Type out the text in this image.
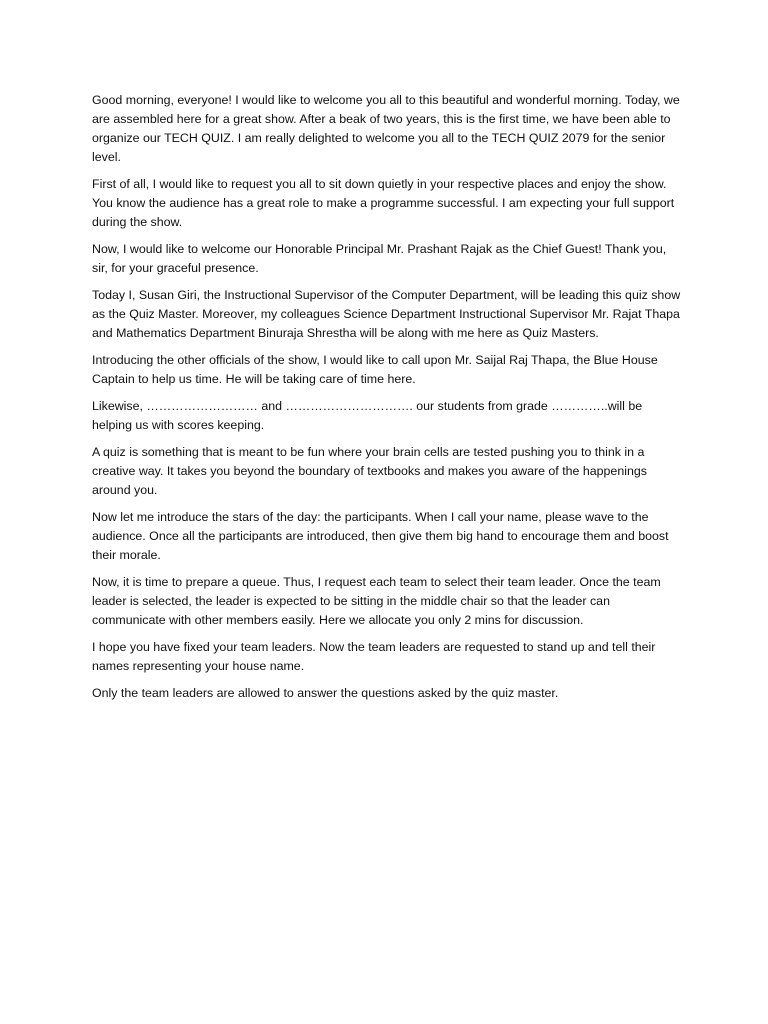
Good morning, everyone! I would like to welcome you all to this beautiful and wonderful morning. Today, we are assembled here for a great show. After a beak of two years, this is the first time, we have been able to organize our TECH QUIZ. I am really delighted to welcome you all to the TECH QUIZ 2079 for the senior level.

First of all, I would like to request you all to sit down quietly in your respective places and enjoy the show. You know the audience has a great role to make a programme successful. I am expecting your full support during the show.

Now, I would like to welcome our Honorable Principal Mr. Prashant Rajak as the Chief Guest! Thank you, sir, for your graceful presence.

Today I, Susan Giri, the Instructional Supervisor of the Computer Department, will be leading this quiz show as the Quiz Master. Moreover, my colleagues Science Department Instructional Supervisor Mr. Rajat Thapa and Mathematics Department Binuraja Shrestha will be along with me here as Quiz Masters.

Introducing the other officials of the show, I would like to call upon Mr. Saijal Raj Thapa, the Blue House Captain to help us time. He will be taking care of time here.

Likewise, ……………………… and …………………………. our students from grade …………..will be helping us with scores keeping.

A quiz is something that is meant to be fun where your brain cells are tested pushing you to think in a creative way. It takes you beyond the boundary of textbooks and makes you aware of the happenings around you.

Now let me introduce the stars of the day: the participants. When I call your name, please wave to the audience. Once all the participants are introduced, then give them big hand to encourage them and boost their morale.

Now, it is time to prepare a queue. Thus, I request each team to select their team leader. Once the team leader is selected, the leader is expected to be sitting in the middle chair so that the leader can communicate with other members easily. Here we allocate you only 2 mins for discussion.

I hope you have fixed your team leaders. Now the team leaders are requested to stand up and tell their names representing your house name.

Only the team leaders are allowed to answer the questions asked by the quiz master.
